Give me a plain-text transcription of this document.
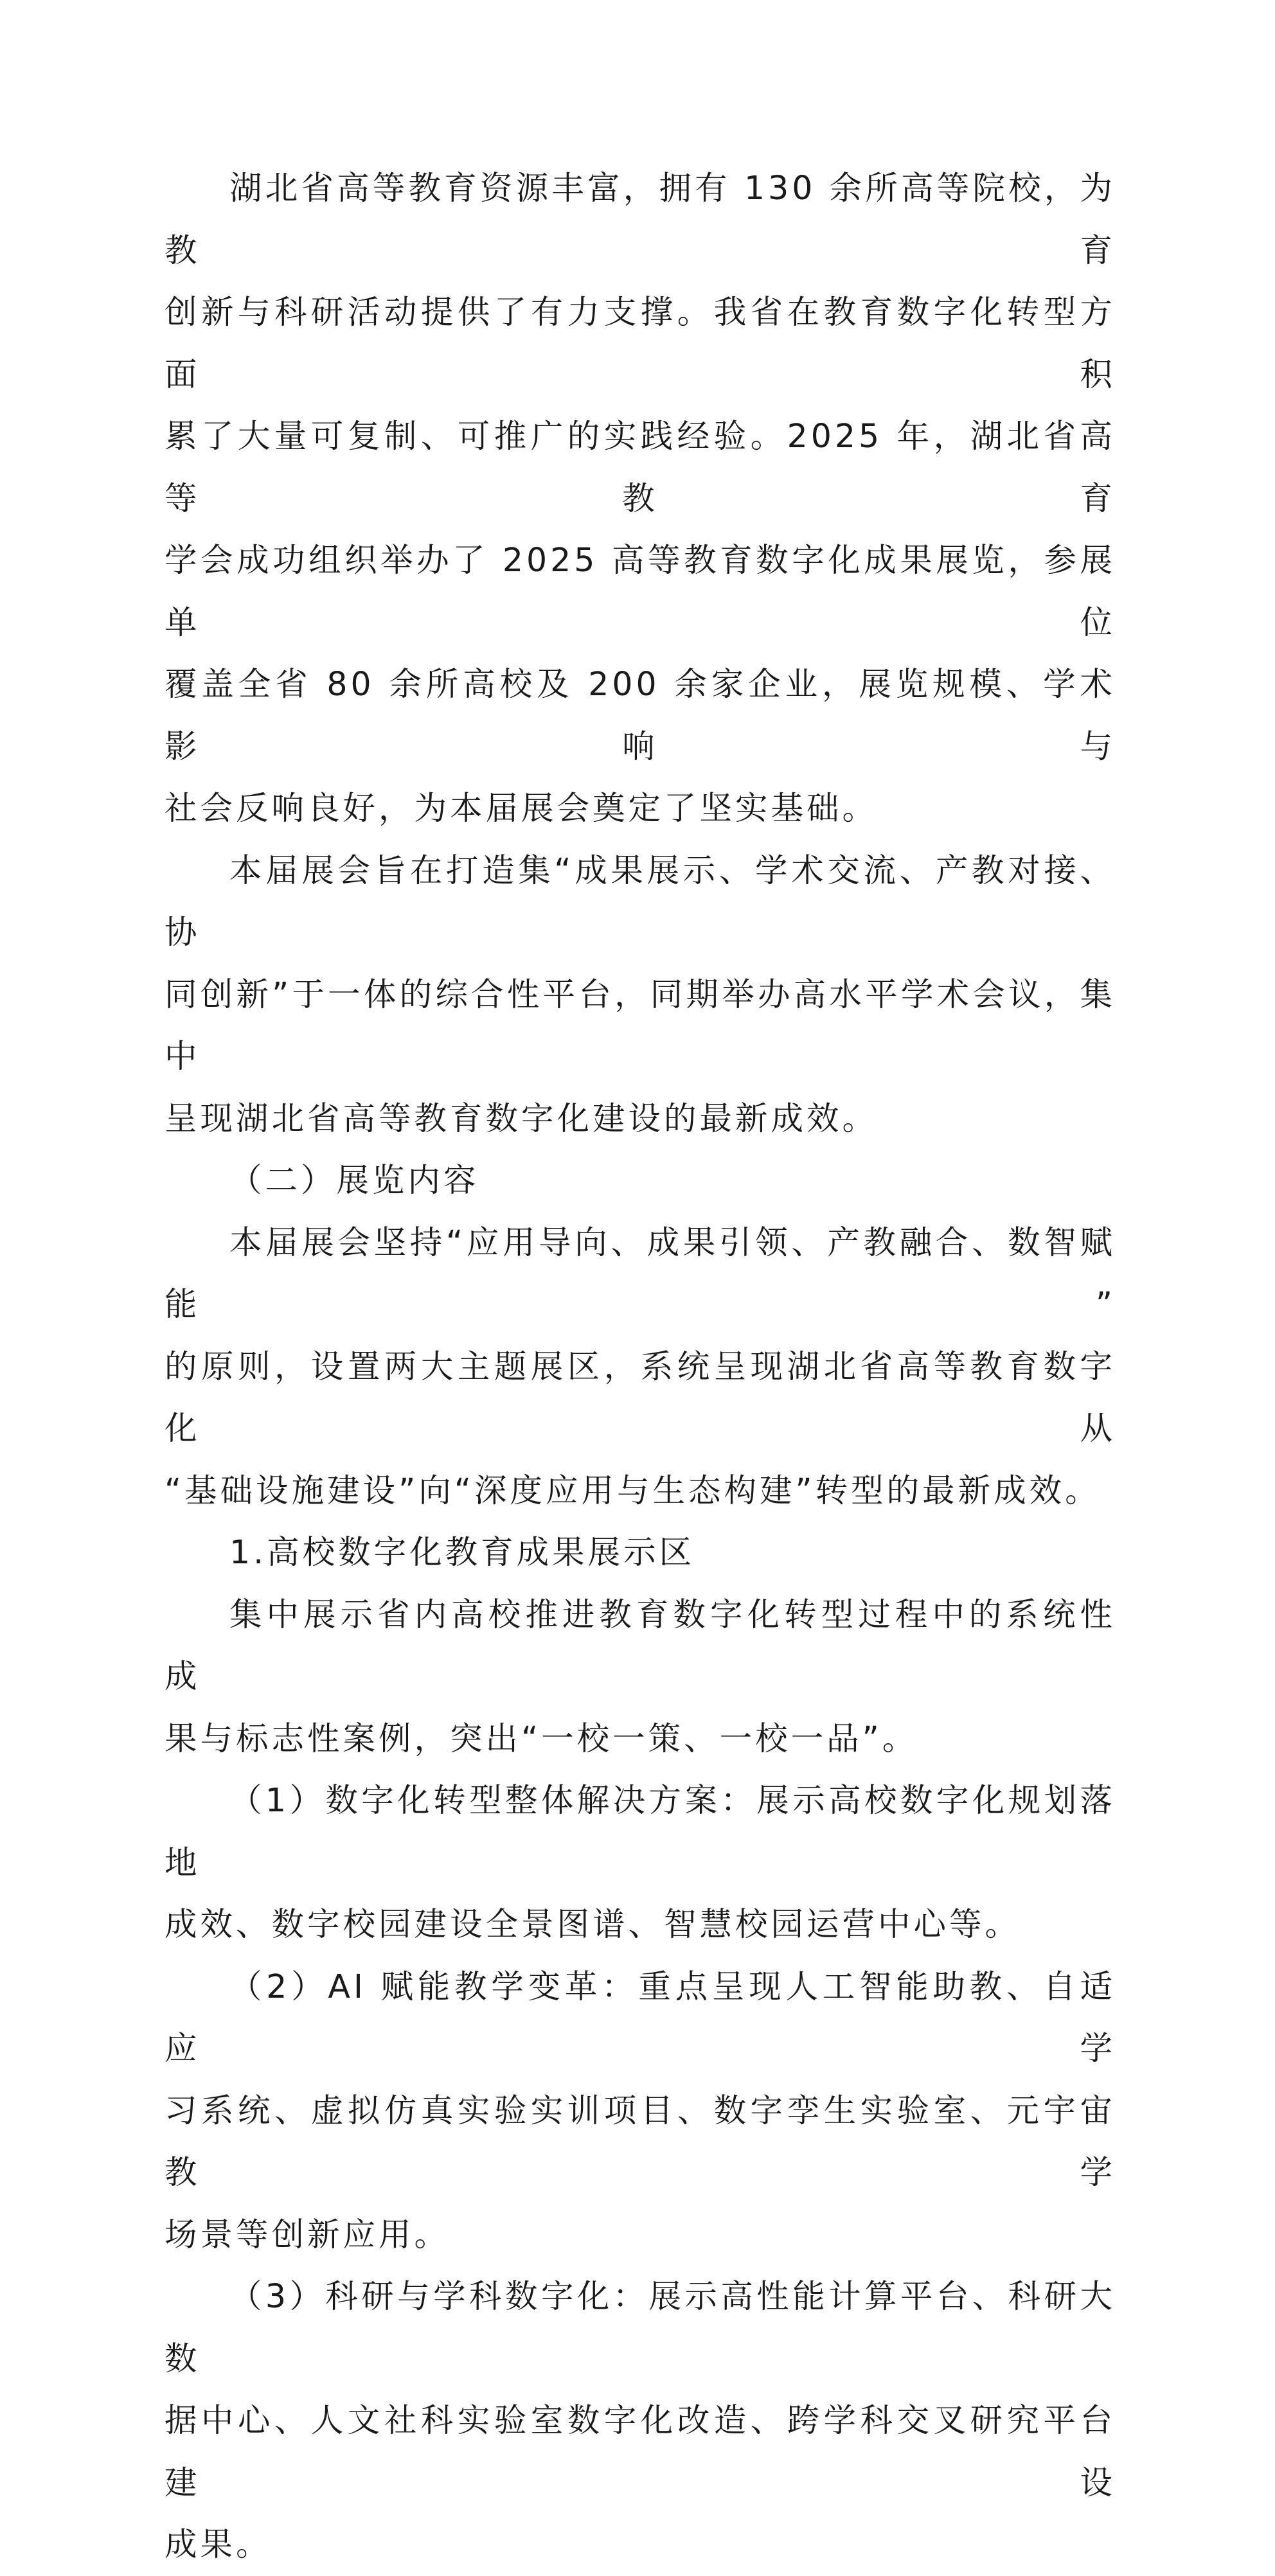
湖北省高等教育资源丰富，拥有 130 余所高等院校，为教育
创新与科研活动提供了有力支撑。我省在教育数字化转型方面积
累了大量可复制、可推广的实践经验。2025 年，湖北省高等教育
学会成功组织举办了 2025 高等教育数字化成果展览，参展单位
覆盖全省 80 余所高校及 200 余家企业，展览规模、学术影响与
社会反响良好，为本届展会奠定了坚实基础。
本届展会旨在打造集“成果展示、学术交流、产教对接、协
同创新”于一体的综合性平台，同期举办高水平学术会议，集中
呈现湖北省高等教育数字化建设的最新成效。
（二）展览内容
本届展会坚持“应用导向、成果引领、产教融合、数智赋能”
的原则，设置两大主题展区，系统呈现湖北省高等教育数字化从
“基础设施建设”向“深度应用与生态构建”转型的最新成效。
1.高校数字化教育成果展示区
集中展示省内高校推进教育数字化转型过程中的系统性成
果与标志性案例，突出“一校一策、一校一品”。
（1）数字化转型整体解决方案：展示高校数字化规划落地
成效、数字校园建设全景图谱、智慧校园运营中心等。
（2）AI 赋能教学变革：重点呈现人工智能助教、自适应学
习系统、虚拟仿真实验实训项目、数字孪生实验室、元宇宙教学
场景等创新应用。
（3）科研与学科数字化：展示高性能计算平台、科研大数
据中心、人文社科实验室数字化改造、跨学科交叉研究平台建设
成果。
